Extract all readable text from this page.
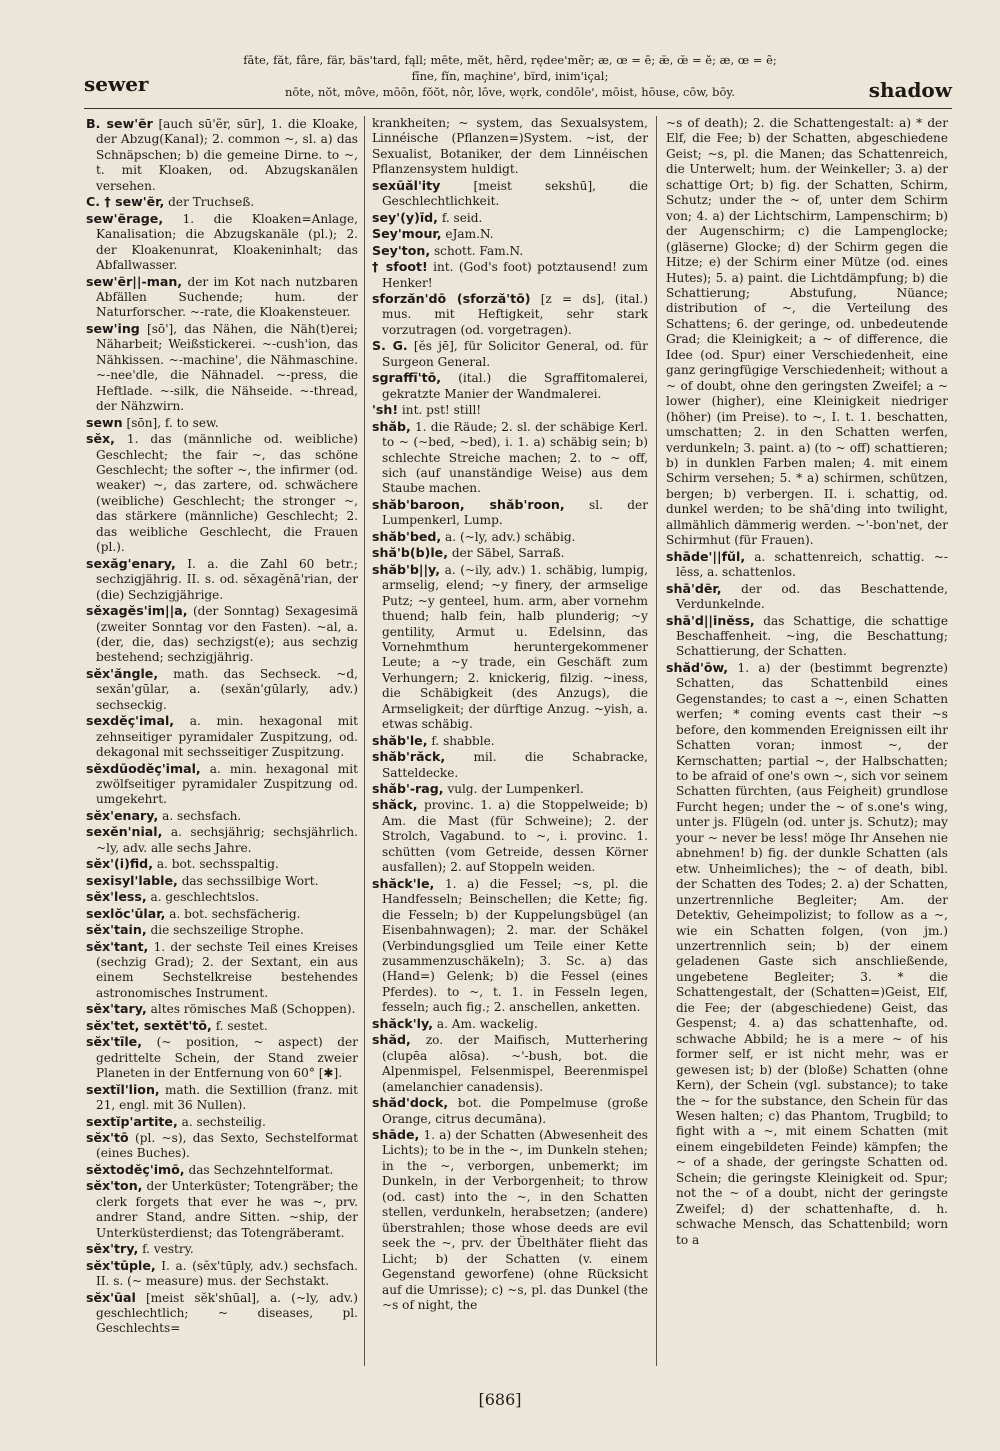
sewer
fāte, făt, fâre, fär, bäs'tard, fąll; mēte, mĕt, hẽrd, rędee'mẽr; æ, œ = ē; æ̆, œ̆ = ĕ; æ, œ = ẽ;
fīne, fĭn, maçhine', bïrd, inim'içal;
nōte, nŏt, môve, mōōn, fŏŏt, nôr, lōve, wọrk, condōle', mōist, hōuse, cōw, bōy.	shadow
B. sew'ẽr [auch sū'ẽr, sūr], 1. die Kloake, der Abzug(Kanal); 2. common ~, sl. a) das Schnäpschen; b) die gemeine Dirne. to ~, t. mit Kloaken, od. Abzugskanälen versehen.
C. † sew'ẽr, der Truchseß.
sew'ẽrage, 1. die Kloaken=Anlage, Kanalisation; die Abzugskanäle (pl.); 2. der Kloakenunrat, Kloakeninhalt; das Abfallwasser.
sew'ẽr||-man, der im Kot nach nutzbaren Abfällen Suchende; hum. der Naturforscher. ~-rate, die Kloakensteuer.
sew'ing [sō'], das Nähen, die Näh(t)erei; Näharbeit; Weißstickerei. ~-cush'ion, das Nähkissen. ~-machine', die Nähmaschine. ~-nee'dle, die Nähnadel. ~-press, die Heftlade. ~-silk, die Nähseide. ~-thread, der Nähzwirn.
sewn [sōn], f. to sew.
sĕx, 1. das (männliche od. weibliche) Geschlecht; the fair ~, das schöne Geschlecht; the softer ~, the infirmer (od. weaker) ~, das zartere, od. schwächere (weibliche) Geschlecht; the stronger ~, das stärkere (männliche) Geschlecht; 2. das weibliche Geschlecht, die Frauen (pl.).
sexăg'enary, I. a. die Zahl 60 betr.; sechzigjährig. II. s. od. sĕxagĕnā'rian, der (die) Sechzigjährige.
sĕxagĕs'im||a, (der Sonntag) Sexagesimä (zweiter Sonntag vor den Fasten). ~al, a. (der, die, das) sechzigst(e); aus sechzig bestehend; sechzigjährig.
sĕx'ăngle, math. das Sechseck. ~d, sexăn'gūlar, a. (sexăn'gūlarly, adv.) sechseckig.
sexdĕç'imal, a. min. hexagonal mit zehnseitiger pyramidaler Zuspitzung, od. dekagonal mit sechsseitiger Zuspitzung.
sĕxdūodĕç'imal, a. min. hexagonal mit zwölfseitiger pyramidaler Zuspitzung od. umgekehrt.
sĕx'enary, a. sechsfach.
sexĕn'nial, a. sechsjährig; sechsjährlich. ~ly, adv. alle sechs Jahre.
sĕx'(i)fid, a. bot. sechsspaltig.
sexisyl'lable, das sechssilbige Wort.
sĕx'less, a. geschlechtslos.
sexlŏc'ūlar, a. bot. sechsfächerig.
sĕx'tain, die sechszeilige Strophe.
sĕx'tant, 1. der sechste Teil eines Kreises (sechzig Grad); 2. der Sextant, ein aus einem Sechstelkreise bestehendes astronomisches Instrument.
sĕx'tary, altes römisches Maß (Schoppen).
sĕx'tet, sextĕt'tō, f. sestet.
sĕx'tīle, (~ position, ~ aspect) der gedrittelte Schein, der Stand zweier Planeten in der Entfernung von 60° [✱].
sextĭl'lion, math. die Sextillion (franz. mit 21, engl. mit 36 Nullen).
sextĭp'artite, a. sechsteilig.
sĕx'tō (pl. ~s), das Sexto, Sechstelformat (eines Buches).
sĕxtodĕç'imō, das Sechzehntelformat.
sĕx'ton, der Unterküster; Totengräber; the clerk forgets that ever he was ~, prv. andrer Stand, andre Sitten. ~ship, der Unterküsterdienst; das Totengräberamt.
sĕx'try, f. vestry.
sĕx'tūple, I. a. (sĕx'tūply, adv.) sechsfach. II. s. (~ measure) mus. der Sechstakt.
sĕx'ūal [meist sĕk'shūal], a. (~ly, adv.) geschlechtlich; ~ diseases, pl. Geschlechts=
krankheiten; ~ system, das Sexualsystem, Linnéische (Pflanzen=)System. ~ist, der Sexualist, Botaniker, der dem Linnéischen Pflanzensystem huldigt.
sexūăl'ity	[meist sekshū], die Geschlechtlichkeit.
sey'(y)īd, f. seid.
Sey'mour, eJam.N.
Sey'ton, schott. Fam.N.
† sfoot! int. (God's foot) potztausend! zum Henker!
sforzăn'dō (sforză'tō) [z = ds], (ital.) mus. mit Heftigkeit, sehr stark vorzutragen (od. vorgetragen).
S. G. [ĕs jē], für Solicitor General, od. für Surgeon General.
sgraffī'tō, (ital.) die Sgraffitomalerei, gekratzte Manier der Wandmalerei.
'sh! int. pst! still!
shăb, 1. die Räude; 2. sl. der schäbige Kerl. to ~ (~bed, ~bed), i. 1. a) schäbig sein; b) schlechte Streiche machen; 2. to ~ off, sich (auf unanständige Weise) aus dem Staube machen.
shăb'baroon, shăb'roon, sl. der Lumpenkerl, Lump.
shăb'bed, a. (~ly, adv.) schäbig.
shă'b(b)le, der Säbel, Sarraß.
shăb'b||y, a. (~ily, adv.) 1. schäbig, lumpig, armselig, elend; ~y finery, der armselige Putz; ~y genteel, hum. arm, aber vornehm thuend; halb fein, halb plunderig; ~y gentility, Armut u. Edelsinn, das Vornehmthum heruntergekommener Leute; a ~y trade, ein Geschäft zum Verhungern; 2. knickerig, filzig. ~iness, die Schäbigkeit (des Anzugs), die Armseligkeit; der dürftige Anzug. ~yish, a. etwas schäbig.
shăb'le, f. shabble.
shăb'răck, mil. die Schabracke, Satteldecke.
shăb'-rag, vulg. der Lumpenkerl.
shăck, provinc. 1. a) die Stoppelweide; b) Am. die Mast (für Schweine); 2. der Strolch, Vagabund. to ~, i. provinc. 1. schütten (vom Getreide, dessen Körner ausfallen); 2. auf Stoppeln weiden.
shăck'le, 1. a) die Fessel; ~s, pl. die Handfesseln; Beinschellen; die Kette; fig. die Fesseln; b) der Kuppelungsbügel (an Eisenbahnwagen); 2. mar. der Schäkel (Verbindungsglied um Teile einer Kette zusammenzuschäkeln); 3. Sc. a) das (Hand=) Gelenk; b) die Fessel (eines Pferdes). to ~, t. 1. in Fesseln legen, fesseln; auch fig.; 2. anschellen, anketten.
shăck'ly, a. Am. wackelig.
shăd, zo. der Maifisch, Mutterhering (clupēa alōsa). ~'-bush, bot. die Alpenmispel, Felsenmispel, Beerenmispel (amelanchier canadensis).
shăd'dock, bot. die Pompelmuse (große Orange, citrus decumāna).
shāde, 1. a) der Schatten (Abwesenheit des Lichts); to be in the ~, im Dunkeln stehen; in the ~, verborgen, unbemerkt; im Dunkeln, in der Verborgenheit; to throw (od. cast) into the ~, in den Schatten stellen, verdunkeln, herabsetzen; (andere) überstrahlen; those whose deeds are evil seek the ~, prv. der Übelthäter flieht das Licht; b) der Schatten (v. einem Gegenstand geworfene) (ohne Rücksicht auf die Umrisse); c) ~s, pl. das Dunkel (the ~s of night, the
~s of death); 2. die Schattengestalt: a) * der Elf, die Fee; b) der Schatten, abgeschiedene Geist; ~s, pl. die Manen; das Schattenreich, die Unterwelt; hum. der Weinkeller; 3. a) der schattige Ort; b) fig. der Schatten, Schirm, Schutz; under the ~ of, unter dem Schirm von; 4. a) der Lichtschirm, Lampenschirm; b) der Augenschirm; c) die Lampenglocke; (gläserne) Glocke; d) der Schirm gegen die Hitze; e) der Schirm einer Mütze (od. eines Hutes); 5. a) paint. die Lichtdämpfung; b) die Schattierung; Abstufung, Nüance; distribution of ~, die Verteilung des Schattens; 6. der geringe, od. unbedeutende Grad; die Kleinigkeit; a ~ of difference, die Idee (od. Spur) einer Verschiedenheit, eine ganz geringfügige Verschiedenheit; without a ~ of doubt, ohne den geringsten Zweifel; a ~ lower (higher), eine Kleinigkeit niedriger (höher) (im Preise). to ~, I. t. 1. beschatten, umschatten; 2. in den Schatten werfen, verdunkeln; 3. paint. a) (to ~ off) schattieren; b) in dunklen Farben malen; 4. mit einem Schirm versehen; 5. * a) schirmen, schützen, bergen; b) verbergen. II. i. schattig, od. dunkel werden; to be shā'ding into twilight, allmählich dämmerig werden. ~'-bon'net, der Schirmhut (für Frauen).
shāde'||fŭl, a. schattenreich, schattig. ~-lĕss, a. schattenlos.
shā'dẽr, der od. das Beschattende, Verdunkelnde.
shā'd||inĕss, das Schattige, die schattige Beschaffenheit. ~ing, die Beschattung; Schattierung, der Schatten.
shăd'ōw, 1. a) der (bestimmt begrenzte) Schatten, das Schattenbild eines Gegenstandes; to cast a ~, einen Schatten werfen; * coming events cast their ~s before, den kommenden Ereignissen eilt ihr Schatten voran; inmost ~, der Kernschatten; partial ~, der Halbschatten; to be afraid of one's own ~, sich vor seinem Schatten fürchten, (aus Feigheit) grundlose Furcht hegen; under the ~ of s.one's wing, unter js. Flügeln (od. unter js. Schutz); may your ~ never be less! möge Ihr Ansehen nie abnehmen! b) fig. der dunkle Schatten (als etw. Unheimliches); the ~ of death, bibl. der Schatten des Todes; 2. a) der Schatten, unzertrennliche Begleiter; Am. der Detektiv, Geheimpolizist; to follow as a ~, wie ein Schatten folgen, (von jm.) unzertrennlich sein; b) der einem geladenen Gaste sich anschließende, ungebetene Begleiter; 3. * die Schattengestalt, der (Schatten=)Geist, Elf, die Fee; der (abgeschiedene) Geist, das Gespenst; 4. a) das schattenhafte, od. schwache Abbild; he is a mere ~ of his former self, er ist nicht mehr, was er gewesen ist; b) der (bloße) Schatten (ohne Kern), der Schein (vgl. substance); to take the ~ for the substance, den Schein für das Wesen halten; c) das Phantom, Trugbild; to fight with a ~, mit einem Schatten (mit einem eingebildeten Feinde) kämpfen; the ~ of a shade, der geringste Schatten od. Schein; die geringste Kleinigkeit od. Spur; not the ~ of a doubt, nicht der geringste Zweifel; d) der schattenhafte, d. h. schwache Mensch, das Schattenbild; worn to a
[686]
